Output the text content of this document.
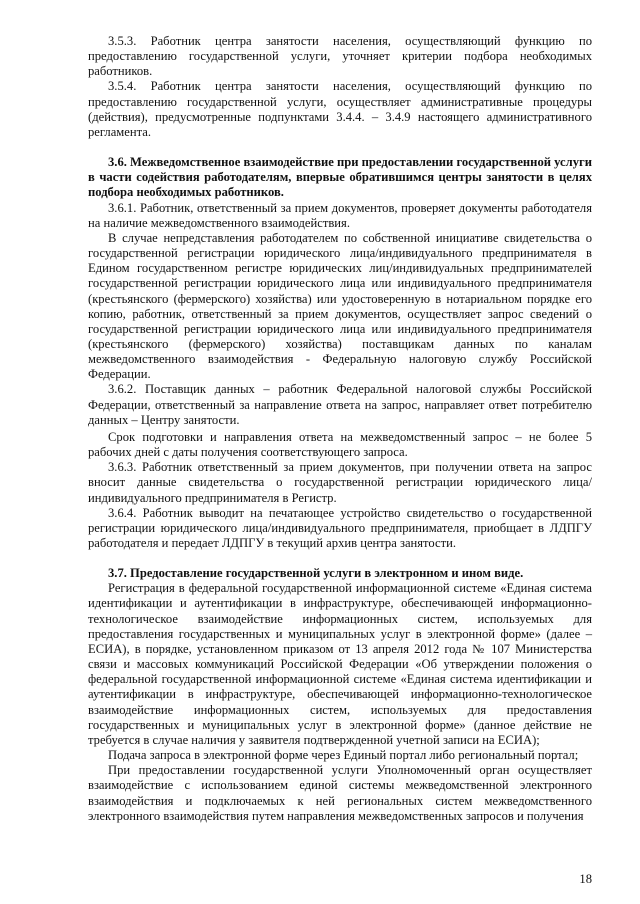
3.5.3. Работник центра занятости населения, осуществляющий функцию по предоставлению государственной услуги, уточняет критерии подбора необходимых работников.

3.5.4. Работник центра занятости населения, осуществляющий функцию по предоставлению государственной услуги, осуществляет административные процедуры (действия), предусмотренные подпунктами 3.4.4. – 3.4.9 настоящего административного регламента.

3.6. Межведомственное взаимодействие при предоставлении государственной услуги в части содействия работодателям, впервые обратившимся центры занятости в целях подбора необходимых работников.

3.6.1. Работник, ответственный за прием документов, проверяет документы работодателя на наличие межведомственного взаимодействия.

В случае непредставления работодателем по собственной инициативе свидетельства о государственной регистрации юридического лица/индивидуального предпринимателя в Едином государственном регистре юридических лиц/индивидуальных предпринимателей государственной регистрации юридического лица или индивидуального предпринимателя (крестьянского (фермерского) хозяйства) или удостоверенную в нотариальном порядке его копию, работник, ответственный за прием документов, осуществляет запрос сведений о государственной регистрации юридического лица или индивидуального предпринимателя (крестьянского (фермерского) хозяйства) поставщикам данных по каналам межведомственного взаимодействия - Федеральную налоговую службу Российской Федерации.

3.6.2. Поставщик данных – работник Федеральной налоговой службы Российской Федерации, ответственный за направление ответа на запрос, направляет ответ потребителю данных – Центру занятости.

Срок подготовки и направления ответа на межведомственный запрос – не более 5 рабочих дней с даты получения соответствующего запроса.

3.6.3. Работник ответственный за прием документов, при получении ответа на запрос вносит данные свидетельства о государственной регистрации юридического лица/индивидуального предпринимателя в Регистр.

3.6.4. Работник выводит на печатающее устройство свидетельство о государственной регистрации юридического лица/индивидуального предпринимателя, приобщает в ЛДПГУ работодателя и передает ЛДПГУ в текущий архив центра занятости.

3.7. Предоставление государственной услуги в электронном и ином виде.

Регистрация в федеральной государственной информационной системе «Единая система идентификации и аутентификации в инфраструктуре, обеспечивающей информационно-технологическое взаимодействие информационных систем, используемых для предоставления государственных и муниципальных услуг в электронной форме» (далее – ЕСИА), в порядке, установленном приказом от 13 апреля 2012 года № 107 Министерства связи и массовых коммуникаций Российской Федерации «Об утверждении положения о федеральной государственной информационной системе «Единая система идентификации и аутентификации в инфраструктуре, обеспечивающей информационно-технологическое взаимодействие информационных систем, используемых для предоставления государственных и муниципальных услуг в электронной форме» (данное действие не требуется в случае наличия у заявителя подтвержденной учетной записи на ЕСИА);

Подача запроса в электронной форме через Единый портал либо региональный портал;

При предоставлении государственной услуги Уполномоченный орган осуществляет взаимодействие с использованием единой системы межведомственной электронного взаимодействия и подключаемых к ней региональных систем межведомственного электронного взаимодействия путем направления межведомственных запросов и получения

18
